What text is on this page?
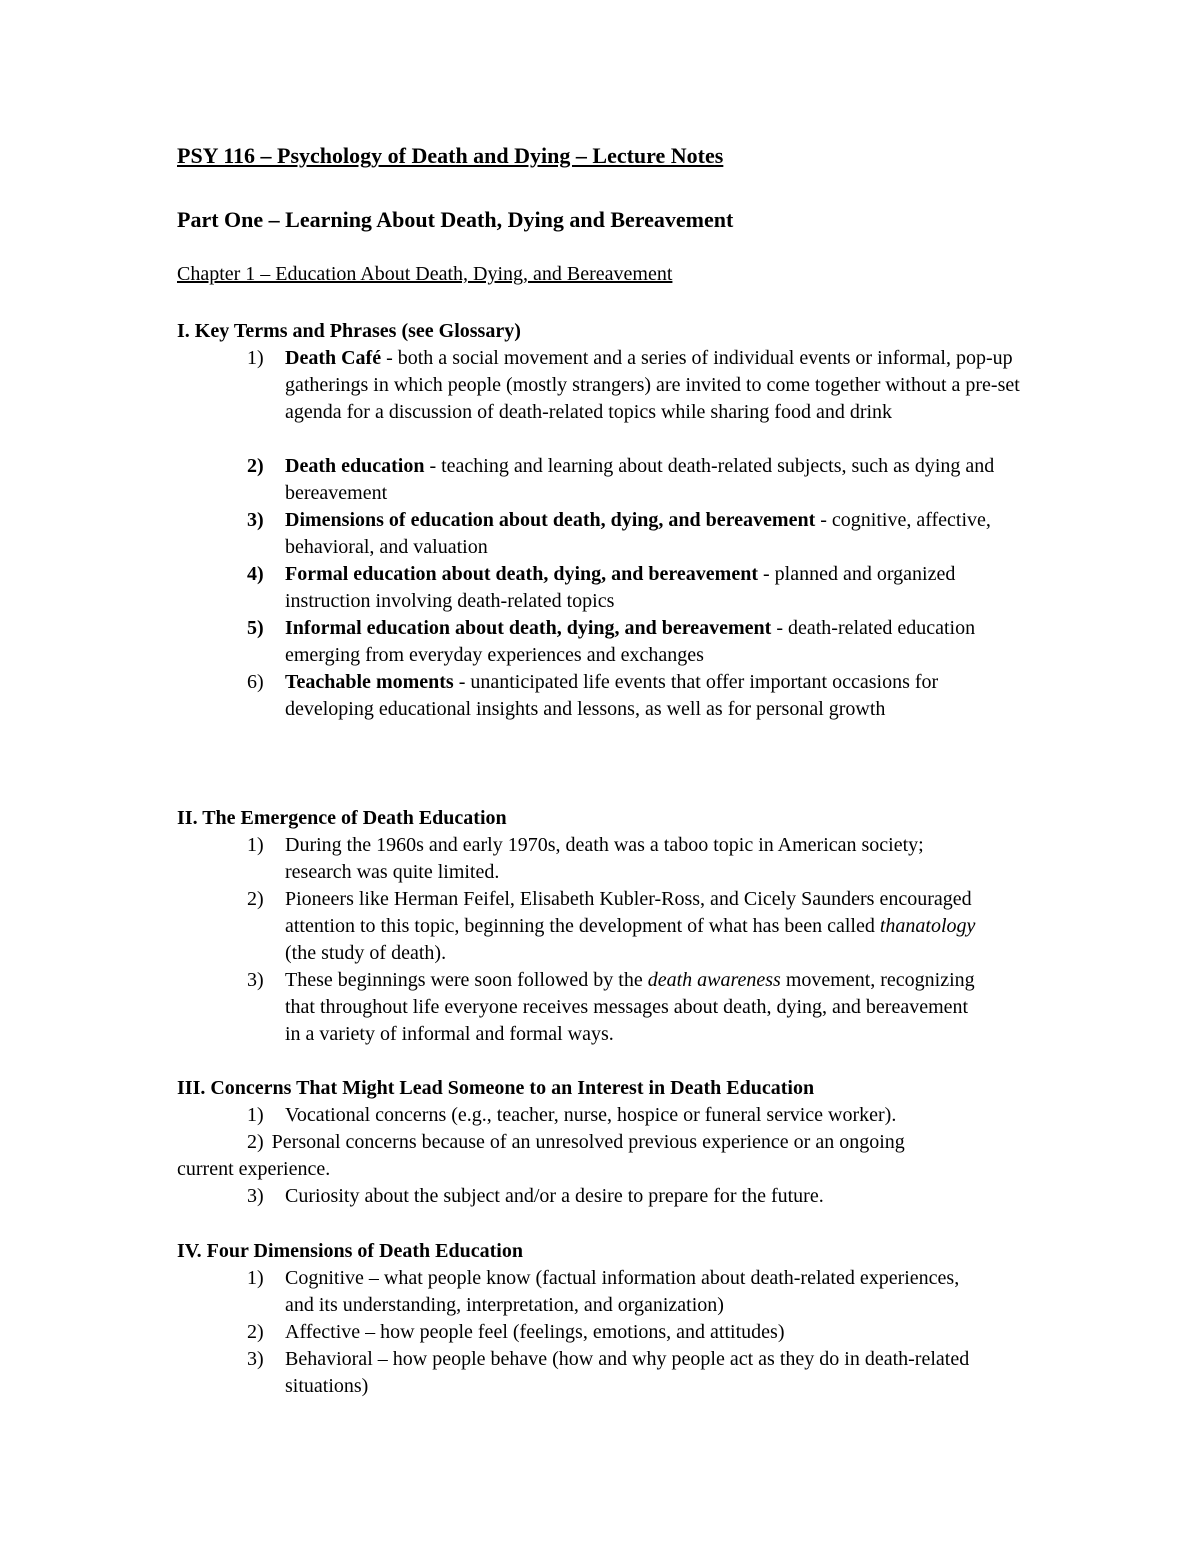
PSY 116 – Psychology of Death and Dying – Lecture Notes
Part One – Learning About Death, Dying and Bereavement
Chapter 1 – Education About Death, Dying, and Bereavement
I. Key Terms and Phrases (see Glossary)
1) Death Café - both a social movement and a series of individual events or informal, pop-up gatherings in which people (mostly strangers) are invited to come together without a pre-set agenda for a discussion of death-related topics while sharing food and drink
2) Death education - teaching and learning about death-related subjects, such as dying and bereavement
3) Dimensions of education about death, dying, and bereavement - cognitive, affective, behavioral, and valuation
4) Formal education about death, dying, and bereavement - planned and organized instruction involving death-related topics
5) Informal education about death, dying, and bereavement - death-related education emerging from everyday experiences and exchanges
6) Teachable moments - unanticipated life events that offer important occasions for developing educational insights and lessons, as well as for personal growth
II. The Emergence of Death Education
1) During the 1960s and early 1970s, death was a taboo topic in American society; research was quite limited.
2) Pioneers like Herman Feifel, Elisabeth Kubler-Ross, and Cicely Saunders encouraged attention to this topic, beginning the development of what has been called thanatology (the study of death).
3) These beginnings were soon followed by the death awareness movement, recognizing that throughout life everyone receives messages about death, dying, and bereavement in a variety of informal and formal ways.
III. Concerns That Might Lead Someone to an Interest in Death Education
1) Vocational concerns (e.g., teacher, nurse, hospice or funeral service worker).
2) Personal concerns because of an unresolved previous experience or an ongoing current experience.
3) Curiosity about the subject and/or a desire to prepare for the future.
IV. Four Dimensions of Death Education
1) Cognitive – what people know (factual information about death-related experiences, and its understanding, interpretation, and organization)
2) Affective – how people feel (feelings, emotions, and attitudes)
3) Behavioral – how people behave (how and why people act as they do in death-related situations)
